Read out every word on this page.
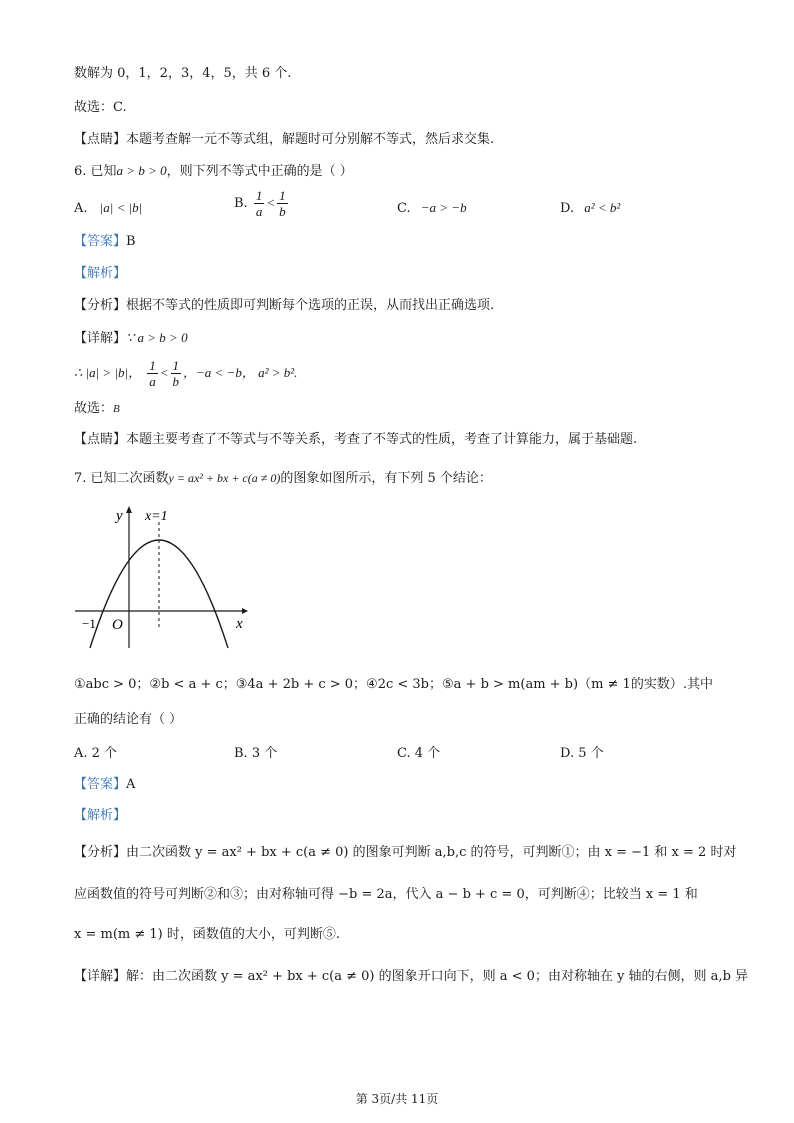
数解为 0，1，2，3，4，5，共 6 个.
故选：C.
【点睛】本题考查解一元不等式组，解题时可分别解不等式，然后求交集.
6. 已知a > b > 0，则下列不等式中正确的是（ ）
A. |a| < |b|	B. $\frac{1}{a} < \frac{1}{b}$	C. −a > −b	D. a² < b²
【答案】B
【解析】
【分析】根据不等式的性质即可判断每个选项的正误，从而找出正确选项.
【详解】∵ a > b > 0
∴ |a| > |b|， $\frac{1}{a} < \frac{1}{b}$ ，−a < −b， a² > b².
故选：B
【点睛】本题主要考查了不等式与不等关系，考查了不等式的性质，考查了计算能力，属于基础题.
7. 已知二次函数y = ax² + bx + c(a ≠ 0)的图象如图所示，有下列 5 个结论：
y x=1
x
−1 O
①abc > 0；②b < a + c；③4a + 2b + c > 0；④2c < 3b；⑤a + b > m(am + b)（m ≠ 1的实数）.其中
正确的结论有（ ）
A. 2 个	B. 3 个	C. 4 个	D. 5 个
【答案】A
【解析】
【分析】由二次函数 y = ax² + bx + c(a ≠ 0) 的图象可判断 a,b,c 的符号，可判断①；由 x = −1 和 x = 2 时对
应函数值的符号可判断②和③；由对称轴可得 −b = 2a，代入 a − b + c = 0，可判断④；比较当 x = 1 和
x = m(m ≠ 1) 时，函数值的大小，可判断⑤.
【详解】解：由二次函数 y = ax² + bx + c(a ≠ 0) 的图象开口向下，则 a < 0；由对称轴在 y 轴的右侧，则 a,b 异
第 3页/共 11页
